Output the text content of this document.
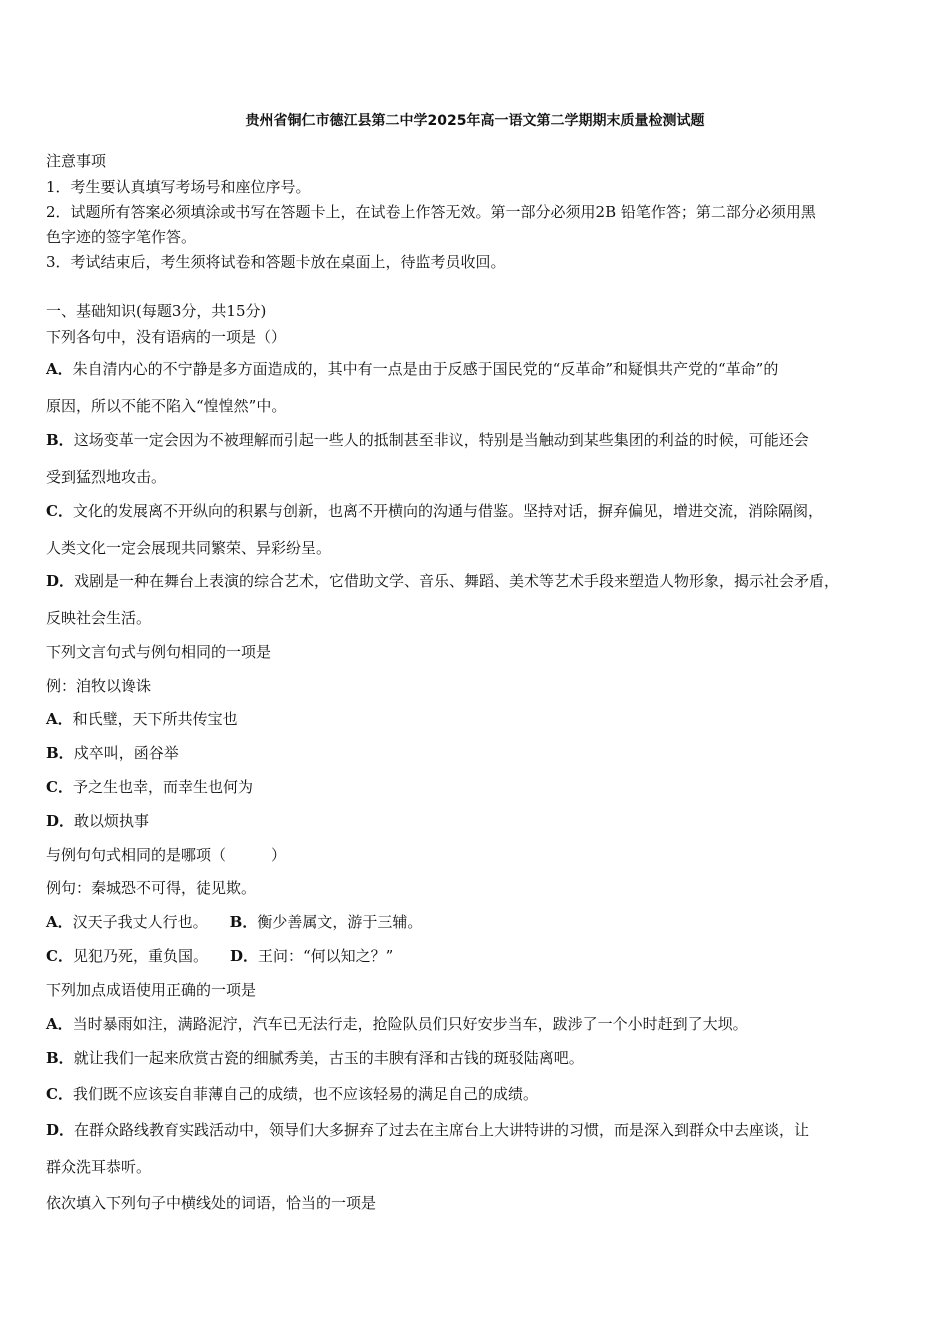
贵州省铜仁市德江县第二中学2025年高一语文第二学期期末质量检测试题
注意事项
1．考生要认真填写考场号和座位序号。
2．试题所有答案必须填涂或书写在答题卡上，在试卷上作答无效。第一部分必须用2B 铅笔作答；第二部分必须用黑
色字迹的签字笔作答。
3．考试结束后，考生须将试卷和答题卡放在桌面上，待监考员收回。
一、基础知识(每题3分，共15分)
下列各句中，没有语病的一项是（）
A．朱自清内心的不宁静是多方面造成的，其中有一点是由于反感于国民党的“反革命”和疑惧共产党的“革命”的
原因，所以不能不陷入“惶惶然”中。
B．这场变革一定会因为不被理解而引起一些人的抵制甚至非议，特别是当触动到某些集团的利益的时候，可能还会
受到猛烈地攻击。
C．文化的发展离不开纵向的积累与创新，也离不开横向的沟通与借鉴。坚持对话，摒弃偏见，增进交流，消除隔阂，
人类文化一定会展现共同繁荣、异彩纷呈。
D．戏剧是一种在舞台上表演的综合艺术，它借助文学、音乐、舞蹈、美术等艺术手段来塑造人物形象，揭示社会矛盾，
反映社会生活。
下列文言句式与例句相同的一项是
例：洎牧以谗诛
A．和氏璧，天下所共传宝也
B．戍卒叫，函谷举
C．予之生也幸，而幸生也何为
D．敢以烦执事
与例句句式相同的是哪项（　　　）
例句：秦城恐不可得，徒见欺。
A．汉天子我丈人行也。 B．衡少善属文，游于三辅。
C．见犯乃死，重负国。 D．王问：“何以知之？”
下列加点成语使用正确的一项是
A．当时暴雨如注，满路泥泞，汽车已无法行走，抢险队员们只好安步当车，跋涉了一个小时赶到了大坝。
B．就让我们一起来欣赏古瓷的细腻秀美，古玉的丰腴有泽和古钱的斑驳陆离吧。
C．我们既不应该妄自菲薄自己的成绩，也不应该轻易的满足自己的成绩。
D．在群众路线教育实践活动中，领导们大多摒弃了过去在主席台上大讲特讲的习惯，而是深入到群众中去座谈，让
群众洗耳恭听。
依次填入下列句子中横线处的词语，恰当的一项是
